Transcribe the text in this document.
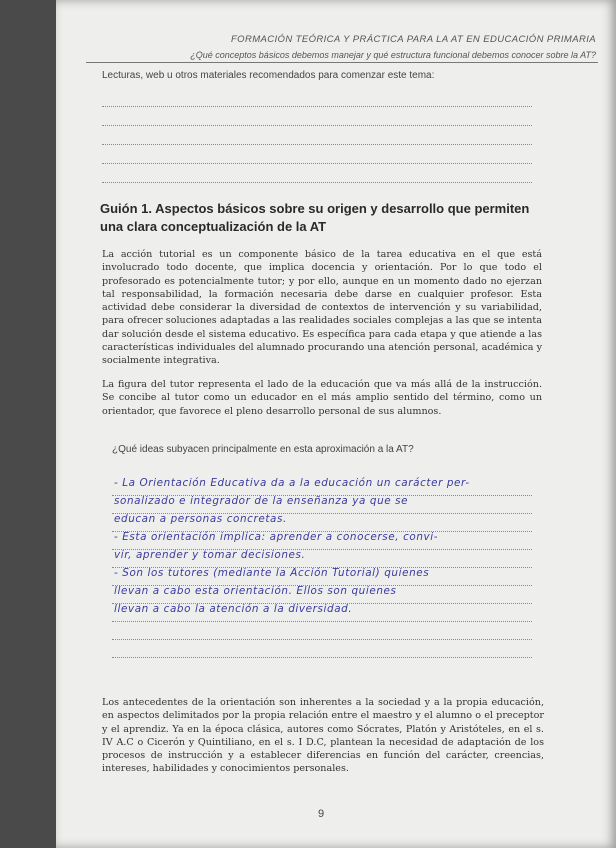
FORMACIÓN TEÓRICA Y PRÁCTICA PARA LA AT EN EDUCACIÓN PRIMARIA
¿Qué conceptos básicos debemos manejar y qué estructura funcional debemos conocer sobre la AT?
Lecturas, web u otros materiales recomendados para comenzar este tema:
Guión 1. Aspectos básicos sobre su origen y desarrollo que permiten una clara conceptualización de la AT
La acción tutorial es un componente básico de la tarea educativa en el que está involucrado todo docente, que implica docencia y orientación. Por lo que todo el profesorado es potencialmente tutor; y por ello, aunque en un momento dado no ejerzan tal responsabilidad, la formación necesaria debe darse en cualquier profesor. Esta actividad debe considerar la diversidad de contextos de intervención y su variabilidad, para ofrecer soluciones adaptadas a las realidades sociales complejas a las que se intenta dar solución desde el sistema educativo. Es específica para cada etapa y que atiende a las características individuales del alumnado procurando una atención personal, académica y socialmente integrativa.
La figura del tutor representa el lado de la educación que va más allá de la instrucción. Se concibe al tutor como un educador en el más amplio sentido del término, como un orientador, que favorece el pleno desarrollo personal de sus alumnos.
¿Qué ideas subyacen principalmente en esta aproximación a la AT?
- La Orientación Educativa da a la educación un carácter per-
sonalizado e integrador de la enseñanza ya que se
educan a personas concretas.
- Esta orientación implica: aprender a conocerse, convi-
vir, aprender y tomar decisiones.
- Son los tutores (mediante la Acción Tutorial) quienes
llevan a cabo esta orientación. Ellos son quienes
llevan a cabo la atención a la diversidad.
Los antecedentes de la orientación son inherentes a la sociedad y a la propia educación, en aspectos delimitados por la propia relación entre el maestro y el alumno o el preceptor y el aprendiz. Ya en la época clásica, autores como Sócrates, Platón y Aristóteles, en el s. IV A.C o Cicerón y Quintiliano, en el s. I D.C, plantean la necesidad de adaptación de los procesos de instrucción y a establecer diferencias en función del carácter, creencias, intereses, habilidades y conocimientos personales.
9
